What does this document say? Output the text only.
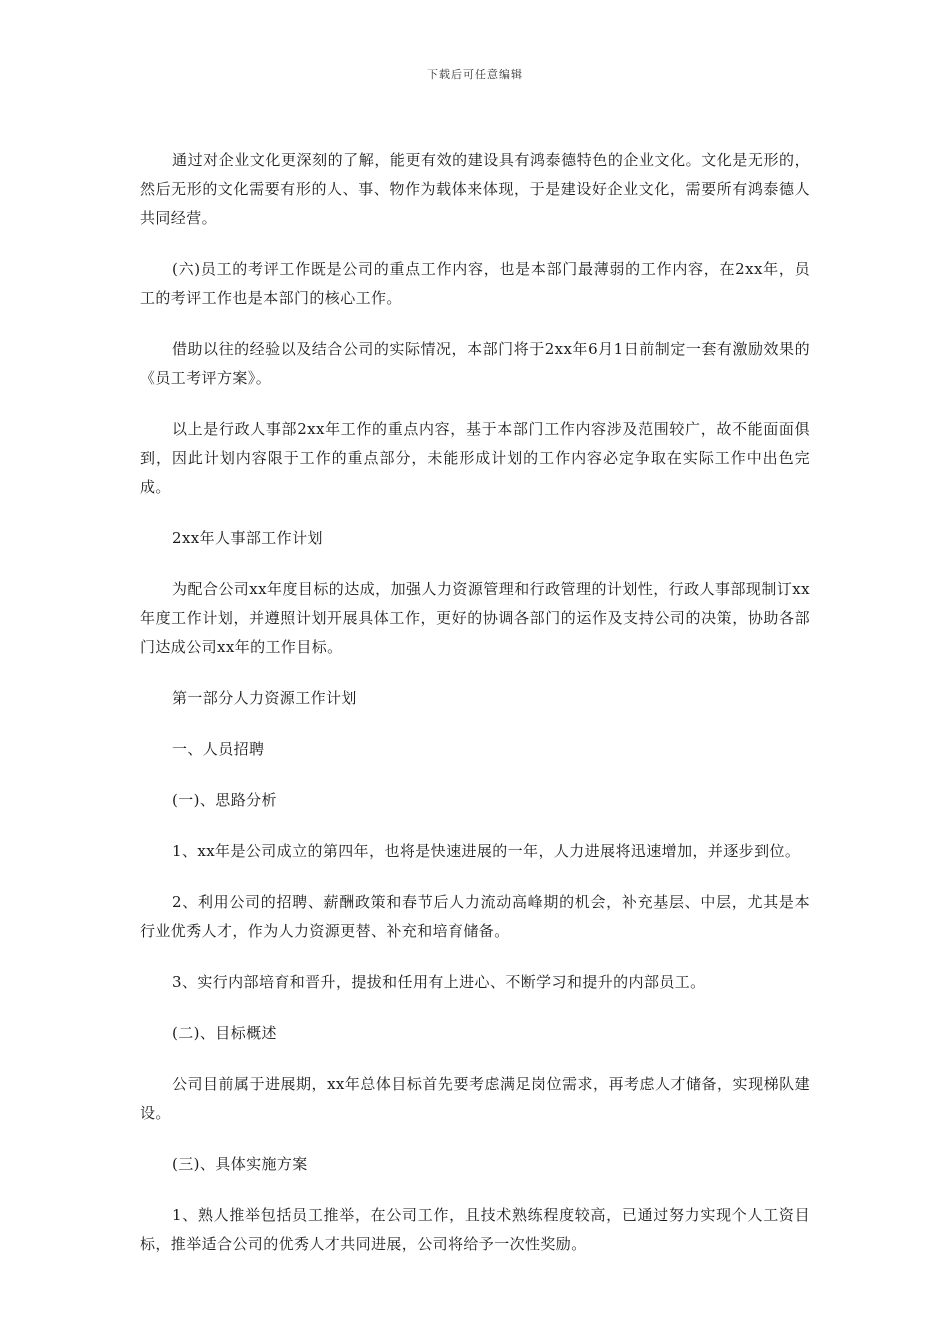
下载后可任意编辑

通过对企业文化更深刻的了解，能更有效的建设具有鸿泰德特色的企业文化。文化是无形的，然后无形的文化需要有形的人、事、物作为载体来体现，于是建设好企业文化，需要所有鸿泰德人共同经营。

(六)员工的考评工作既是公司的重点工作内容，也是本部门最薄弱的工作内容，在2xx年，员工的考评工作也是本部门的核心工作。

借助以往的经验以及结合公司的实际情况，本部门将于2xx年6月1日前制定一套有激励效果的《员工考评方案》。

以上是行政人事部2xx年工作的重点内容，基于本部门工作内容涉及范围较广，故不能面面俱到，因此计划内容限于工作的重点部分，未能形成计划的工作内容必定争取在实际工作中出色完成。

2xx年人事部工作计划

为配合公司xx年度目标的达成，加强人力资源管理和行政管理的计划性，行政人事部现制订xx年度工作计划，并遵照计划开展具体工作，更好的协调各部门的运作及支持公司的决策，协助各部门达成公司xx年的工作目标。

第一部分人力资源工作计划

一、人员招聘

(一)、思路分析

1、xx年是公司成立的第四年，也将是快速进展的一年，人力进展将迅速增加，并逐步到位。

2、利用公司的招聘、薪酬政策和春节后人力流动高峰期的机会，补充基层、中层，尤其是本行业优秀人才，作为人力资源更替、补充和培育储备。

3、实行内部培育和晋升，提拔和任用有上进心、不断学习和提升的内部员工。

(二)、目标概述

公司目前属于进展期，xx年总体目标首先要考虑满足岗位需求，再考虑人才储备，实现梯队建设。

(三)、具体实施方案

1、熟人推举包括员工推举，在公司工作，且技术熟练程度较高，已通过努力实现个人工资目标，推举适合公司的优秀人才共同进展，公司将给予一次性奖励。
